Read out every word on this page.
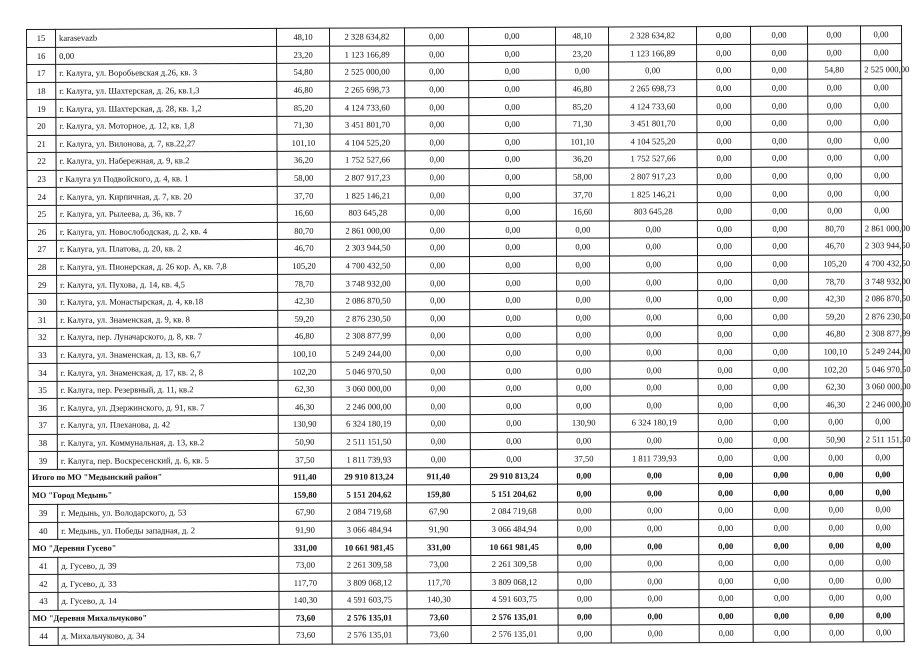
15	karasevazb	48,10	2 328 634,82	0,00	0,00	48,10	2 328 634,82	0,00	0,00	0,00	0,00
16	0,00	23,20	1 123 166,89	0,00	0,00	23,20	1 123 166,89	0,00	0,00	0,00	0,00
17	г. Калуга, ул. Воробьевская д.26, кв. 3	54,80	2 525 000,00	0,00	0,00	0,00	0,00	0,00	0,00	54,80	2 525 000,00
18	г. Калуга, ул. Шахтерская, д. 26, кв.1,3	46,80	2 265 698,73	0,00	0,00	46,80	2 265 698,73	0,00	0,00	0,00	0,00
19	г. Калуга, ул. Шахтерская, д. 28, кв. 1,2	85,20	4 124 733,60	0,00	0,00	85,20	4 124 733,60	0,00	0,00	0,00	0,00
20	г. Калуга, ул. Моторное, д. 12, кв. 1,8	71,30	3 451 801,70	0,00	0,00	71,30	3 451 801,70	0,00	0,00	0,00	0,00
21	г. Калуга, ул. Вилонова, д. 7, кв.22,27	101,10	4 104 525,20	0,00	0,00	101,10	4 104 525,20	0,00	0,00	0,00	0,00
22	г. Калуга, ул. Набережная, д. 9, кв.2	36,20	1 752 527,66	0,00	0,00	36,20	1 752 527,66	0,00	0,00	0,00	0,00
23	г Калуга ул Подвойского, д. 4, кв. 1	58,00	2 807 917,23	0,00	0,00	58,00	2 807 917,23	0,00	0,00	0,00	0,00
24	г. Калуга, ул. Кирпичная, д. 7, кв. 20	37,70	1 825 146,21	0,00	0,00	37,70	1 825 146,21	0,00	0,00	0,00	0,00
25	г. Калуга, ул. Рылеева, д. 36, кв. 7	16,60	803 645,28	0,00	0,00	16,60	803 645,28	0,00	0,00	0,00	0,00
26	г. Калуга, ул. Новослободская, д. 2, кв. 4	80,70	2 861 000,00	0,00	0,00	0,00	0,00	0,00	0,00	80,70	2 861 000,00
27	г. Калуга, ул. Платова, д. 20, кв. 2	46,70	2 303 944,50	0,00	0,00	0,00	0,00	0,00	0,00	46,70	2 303 944,50
28	г. Калуга, ул. Пионерская, д. 26 кор. А, кв. 7,8	105,20	4 700 432,50	0,00	0,00	0,00	0,00	0,00	0,00	105,20	4 700 432,50
29	г. Калуга, ул. Пухова, д. 14, кв. 4,5	78,70	3 748 932,00	0,00	0,00	0,00	0,00	0,00	0,00	78,70	3 748 932,00
30	г. Калуга, ул. Монастырская, д. 4, кв.18	42,30	2 086 870,50	0,00	0,00	0,00	0,00	0,00	0,00	42,30	2 086 870,50
31	г. Калуга, ул. Знаменская, д. 9, кв. 8	59,20	2 876 230,50	0,00	0,00	0,00	0,00	0,00	0,00	59,20	2 876 230,50
32	г. Калуга, пер. Луначарского, д. 8, кв. 7	46,80	2 308 877,99	0,00	0,00	0,00	0,00	0,00	0,00	46,80	2 308 877,99
33	г. Калуга, ул. Знаменская, д. 13, кв. 6,7	100,10	5 249 244,00	0,00	0,00	0,00	0,00	0,00	0,00	100,10	5 249 244,00
34	г. Калуга, ул. Знаменская, д. 17, кв. 2, 8	102,20	5 046 970,50	0,00	0,00	0,00	0,00	0,00	0,00	102,20	5 046 970,50
35	г. Калуга, пер. Резервный, д. 11, кв.2	62,30	3 060 000,00	0,00	0,00	0,00	0,00	0,00	0,00	62,30	3 060 000,00
36	г. Калуга, ул. Дзержинского, д. 91, кв. 7	46,30	2 246 000,00	0,00	0,00	0,00	0,00	0,00	0,00	46,30	2 246 000,00
37	г. Калуга, ул. Плеханова, д. 42	130,90	6 324 180,19	0,00	0,00	130,90	6 324 180,19	0,00	0,00	0,00	0,00
38	г. Калуга, ул. Коммунальная, д. 13, кв.2	50,90	2 511 151,50	0,00	0,00	0,00	0,00	0,00	0,00	50,90	2 511 151,50
39	г. Калуга, пер. Воскресенский, д. 6, кв. 5	37,50	1 811 739,93	0,00	0,00	37,50	1 811 739,93	0,00	0,00	0,00	0,00
Итого по МО "Медынский район"		911,40	29 910 813,24	911,40	29 910 813,24	0,00	0,00	0,00	0,00	0,00	0,00
МО "Город Медынь"		159,80	5 151 204,62	159,80	5 151 204,62	0,00	0,00	0,00	0,00	0,00	0,00
39	г. Медынь, ул. Володарского, д. 53	67,90	2 084 719,68	67,90	2 084 719,68	0,00	0,00	0,00	0,00	0,00	0,00
40	г. Медынь, ул. Победы западная, д. 2	91,90	3 066 484,94	91,90	3 066 484,94	0,00	0,00	0,00	0,00	0,00	0,00
МО "Деревня Гусево"		331,00	10 661 981,45	331,00	10 661 981,45	0,00	0,00	0,00	0,00	0,00	0,00
41	д. Гусево, д. 39	73,00	2 261 309,58	73,00	2 261 309,58	0,00	0,00	0,00	0,00	0,00	0,00
42	д. Гусево, д. 33	117,70	3 809 068,12	117,70	3 809 068,12	0,00	0,00	0,00	0,00	0,00	0,00
43	д. Гусево, д. 14	140,30	4 591 603,75	140,30	4 591 603,75	0,00	0,00	0,00	0,00	0,00	0,00
МО "Деревня Михальчуково"		73,60	2 576 135,01	73,60	2 576 135,01	0,00	0,00	0,00	0,00	0,00	0,00
44	д. Михальчуково, д. 34	73,60	2 576 135,01	73,60	2 576 135,01	0,00	0,00	0,00	0,00	0,00	0,00
